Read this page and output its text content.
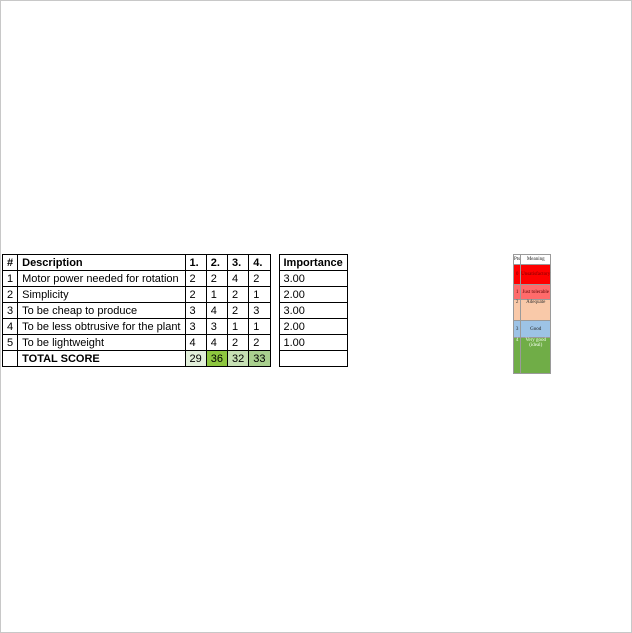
#	Description	1.	2.	3.	4.		Importance
1	Motor power needed for rotation	2	2	4	2		3.00
2	Simplicity	2	1	2	1		2.00
3	To be cheap to produce	3	4	2	3		3.00
4	To be less obtrusive for the plant	3	3	1	1		2.00
5	To be lightweight	4	4	2	2		1.00
	TOTAL SCORE	29	36	32	33		
Pts	Meaning
0	Unsatisfactory
1	Just tolerable
2	Adequate
3	Good
4	Very good (ideal)
